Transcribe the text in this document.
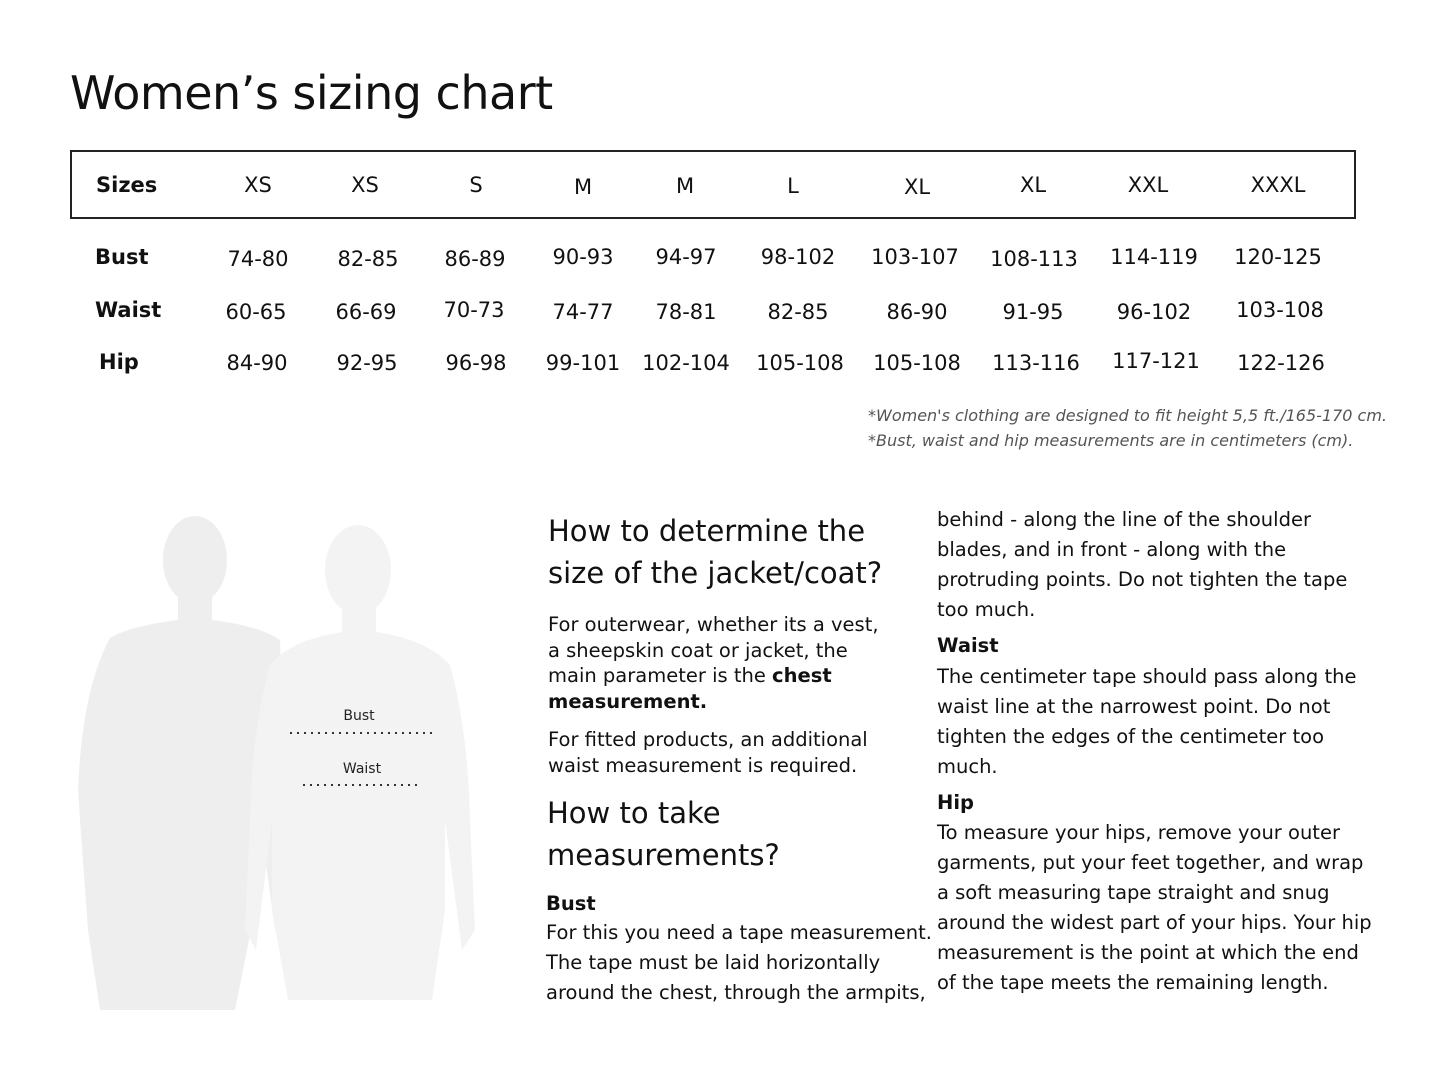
Women’s sizing chart
Sizes	XS	XS	S	M	M	L	XL	XL	XXL	XXXL
Bust	74-80 82-85 86-89 90-93 94-97 98-102 103-107 108-113 114-119 120-125
Waist	60-65 66-69 70-73 74-77 78-81 82-85	86-90	91-95	96-102 103-108
Hip	84-90 92-95 96-98 99-101 102-104 105-108 105-108 113-116 117-121 122-126
*Women's clothing are designed to fit height 5,5 ft./165-170 cm.
*Bust, waist and hip measurements are in centimeters (cm).
Bust
Waist
How to determine the
size of the jacket/coat?
For outerwear, whether its a vest,
a sheepskin coat or jacket, the
main parameter is the chest
measurement.
For fitted products, an additional
waist measurement is required.
How to take
measurements?
Bust
For this you need a tape measurement.
The tape must be laid horizontally
around the chest, through the armpits,
behind - along the line of the shoulder
blades, and in front - along with the
protruding points. Do not tighten the tape
too much.
Waist
The centimeter tape should pass along the
waist line at the narrowest point. Do not
tighten the edges of the centimeter too
much.
Hip
To measure your hips, remove your outer
garments, put your feet together, and wrap
a soft measuring tape straight and snug
around the widest part of your hips. Your hip
measurement is the point at which the end
of the tape meets the remaining length.
